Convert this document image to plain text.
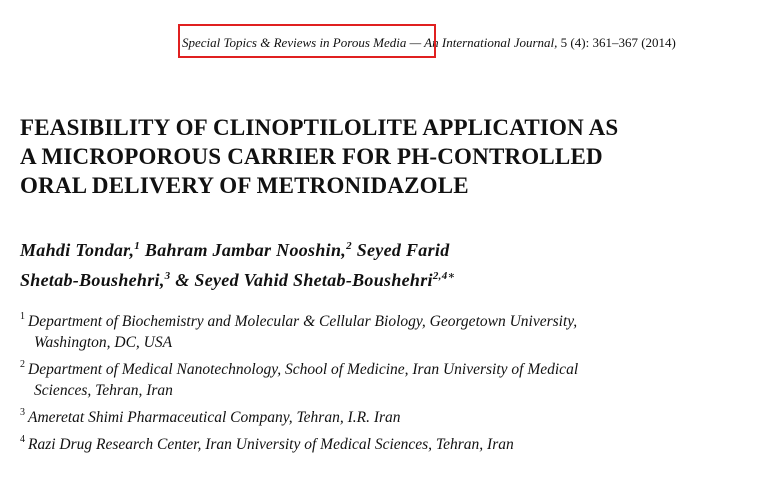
Special Topics & Reviews in Porous Media — An International Journal, 5 (4): 361–367 (2014)
FEASIBILITY OF CLINOPTILOLITE APPLICATION AS
A MICROPOROUS CARRIER FOR PH-CONTROLLED
ORAL DELIVERY OF METRONIDAZOLE
Mahdi Tondar,$^1$ Bahram Jambar Nooshin,$^2$ Seyed Farid
Shetab-Boushehri,$^3$ & Seyed Vahid Shetab-Boushehri$^{2,4∗}$
1 Department of Biochemistry and Molecular & Cellular Biology, Georgetown University,
Washington, DC, USA
2 Department of Medical Nanotechnology, School of Medicine, Iran University of Medical
Sciences, Tehran, Iran
3 Ameretat Shimi Pharmaceutical Company, Tehran, I.R. Iran
4 Razi Drug Research Center, Iran University of Medical Sciences, Tehran, Iran
